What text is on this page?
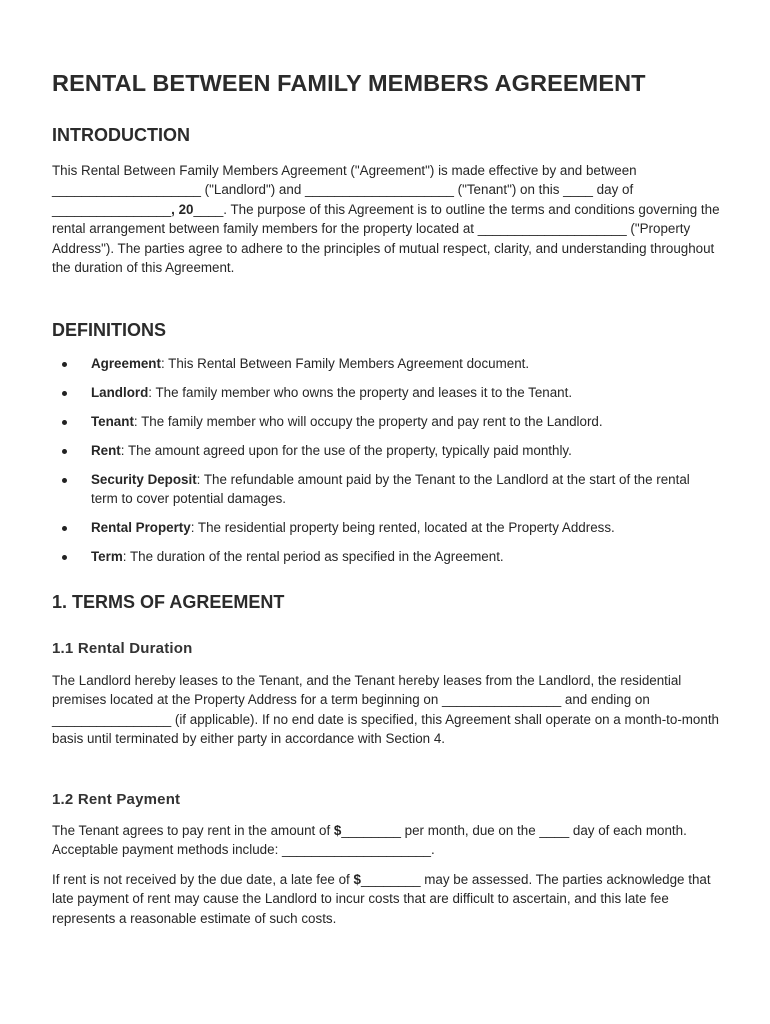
RENTAL BETWEEN FAMILY MEMBERS AGREEMENT
INTRODUCTION

This Rental Between Family Members Agreement ("Agreement") is made effective by and between ____________________ ("Landlord") and ____________________ ("Tenant") on this ____ day of ________________, 20____. The purpose of this Agreement is to outline the terms and conditions governing the rental arrangement between family members for the property located at ____________________ ("Property Address"). The parties agree to adhere to the principles of mutual respect, clarity, and understanding throughout the duration of this Agreement.

DEFINITIONS
Agreement: This Rental Between Family Members Agreement document.
Landlord: The family member who owns the property and leases it to the Tenant.
Tenant: The family member who will occupy the property and pay rent to the Landlord.
Rent: The amount agreed upon for the use of the property, typically paid monthly.
Security Deposit: The refundable amount paid by the Tenant to the Landlord at the start of the rental term to cover potential damages.
Rental Property: The residential property being rented, located at the Property Address.
Term: The duration of the rental period as specified in the Agreement.
1. TERMS OF AGREEMENT
1.1 Rental Duration

The Landlord hereby leases to the Tenant, and the Tenant hereby leases from the Landlord, the residential premises located at the Property Address for a term beginning on ________________ and ending on ________________ (if applicable). If no end date is specified, this Agreement shall operate on a month-to-month basis until terminated by either party in accordance with Section 4.

1.2 Rent Payment

The Tenant agrees to pay rent in the amount of $________ per month, due on the ____ day of each month. Acceptable payment methods include: ____________________.

If rent is not received by the due date, a late fee of $________ may be assessed. The parties acknowledge that late payment of rent may cause the Landlord to incur costs that are difficult to ascertain, and this late fee represents a reasonable estimate of such costs.
